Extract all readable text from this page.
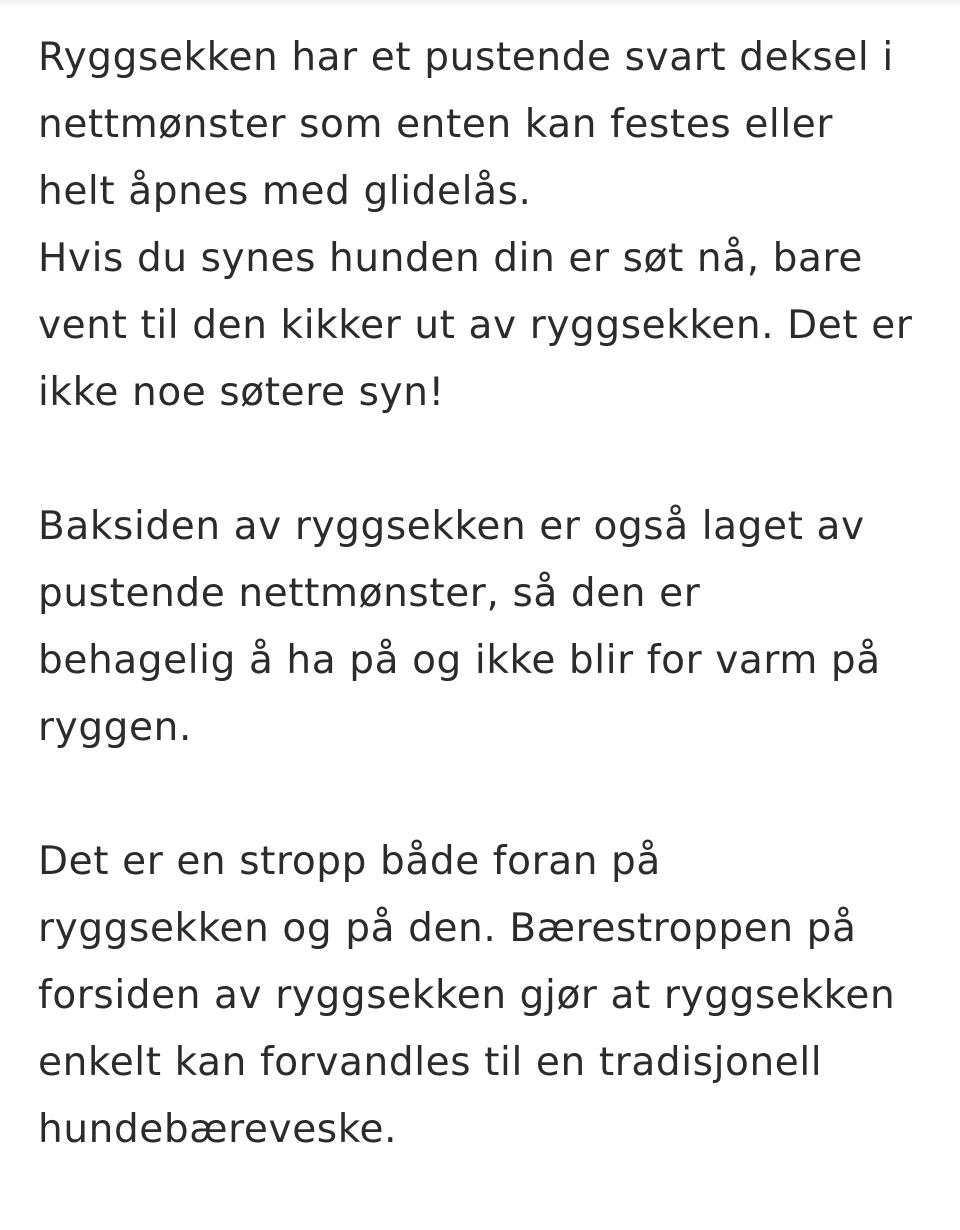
Ryggsekken har et pustende svart deksel i
nettmønster som enten kan festes eller
helt åpnes med glidelås.
Hvis du synes hunden din er søt nå, bare
vent til den kikker ut av ryggsekken. Det er
ikke noe søtere syn!

Baksiden av ryggsekken er også laget av
pustende nettmønster, så den er
behagelig å ha på og ikke blir for varm på
ryggen.

Det er en stropp både foran på
ryggsekken og på den. Bærestroppen på
forsiden av ryggsekken gjør at ryggsekken
enkelt kan forvandles til en tradisjonell
hundebæreveske.
